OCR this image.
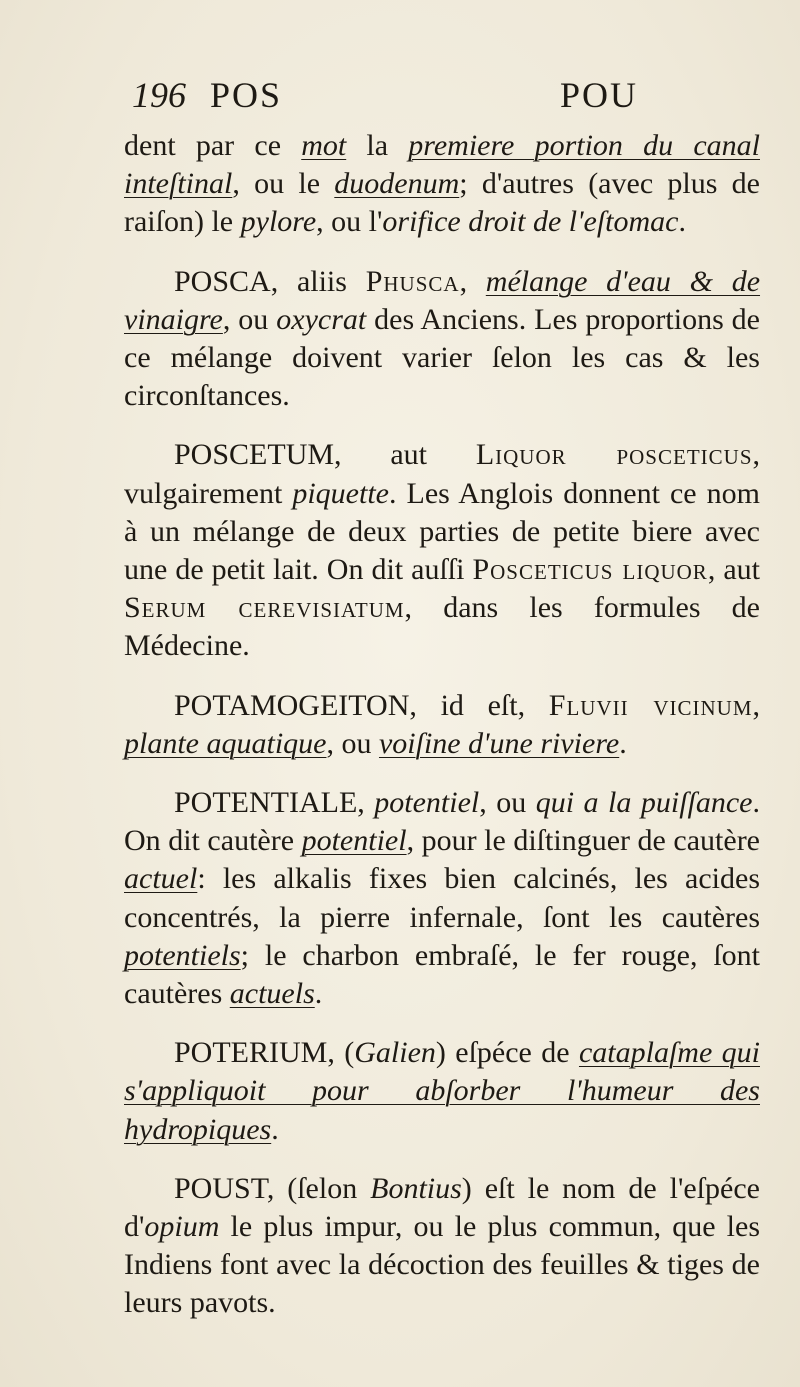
196 POS	POU

dent par ce mot la premiere portion du canal inteſtinal, ou le duodenum; d'autres (avec plus de raiſon) le pylore, ou l'orifice droit de l'eſtomac.

POSCA, aliis Phusca, mélange d'eau & de vinaigre, ou oxycrat des Anciens. Les proportions de ce mélange doivent varier ſelon les cas & les circonſtances.

POSCETUM, aut Liquor posceticus, vulgairement piquette. Les Anglois donnent ce nom à un mélange de deux parties de petite biere avec une de petit lait. On dit auſſi Posceticus liquor, aut Serum cerevisiatum, dans les formules de Médecine.

POTAMOGEITON, id eſt, Fluvii vicinum, plante aquatique, ou voiſine d'une riviere.

POTENTIALE, potentiel, ou qui a la puiſſance. On dit cautère potentiel, pour le diſtinguer de cautère actuel: les alkalis fixes bien calcinés, les acides concentrés, la pierre infernale, ſont les cautères potentiels; le charbon embraſé, le fer rouge, ſont cautères actuels.

POTERIUM, (Galien) eſpéce de cataplaſme qui s'appliquoit pour abſorber l'humeur des hydropiques.

POUST, (ſelon Bontius) eſt le nom de l'eſpéce d'opium le plus impur, ou le plus commun, que les Indiens font avec la décoction des feuilles & tiges de leurs pavots.
